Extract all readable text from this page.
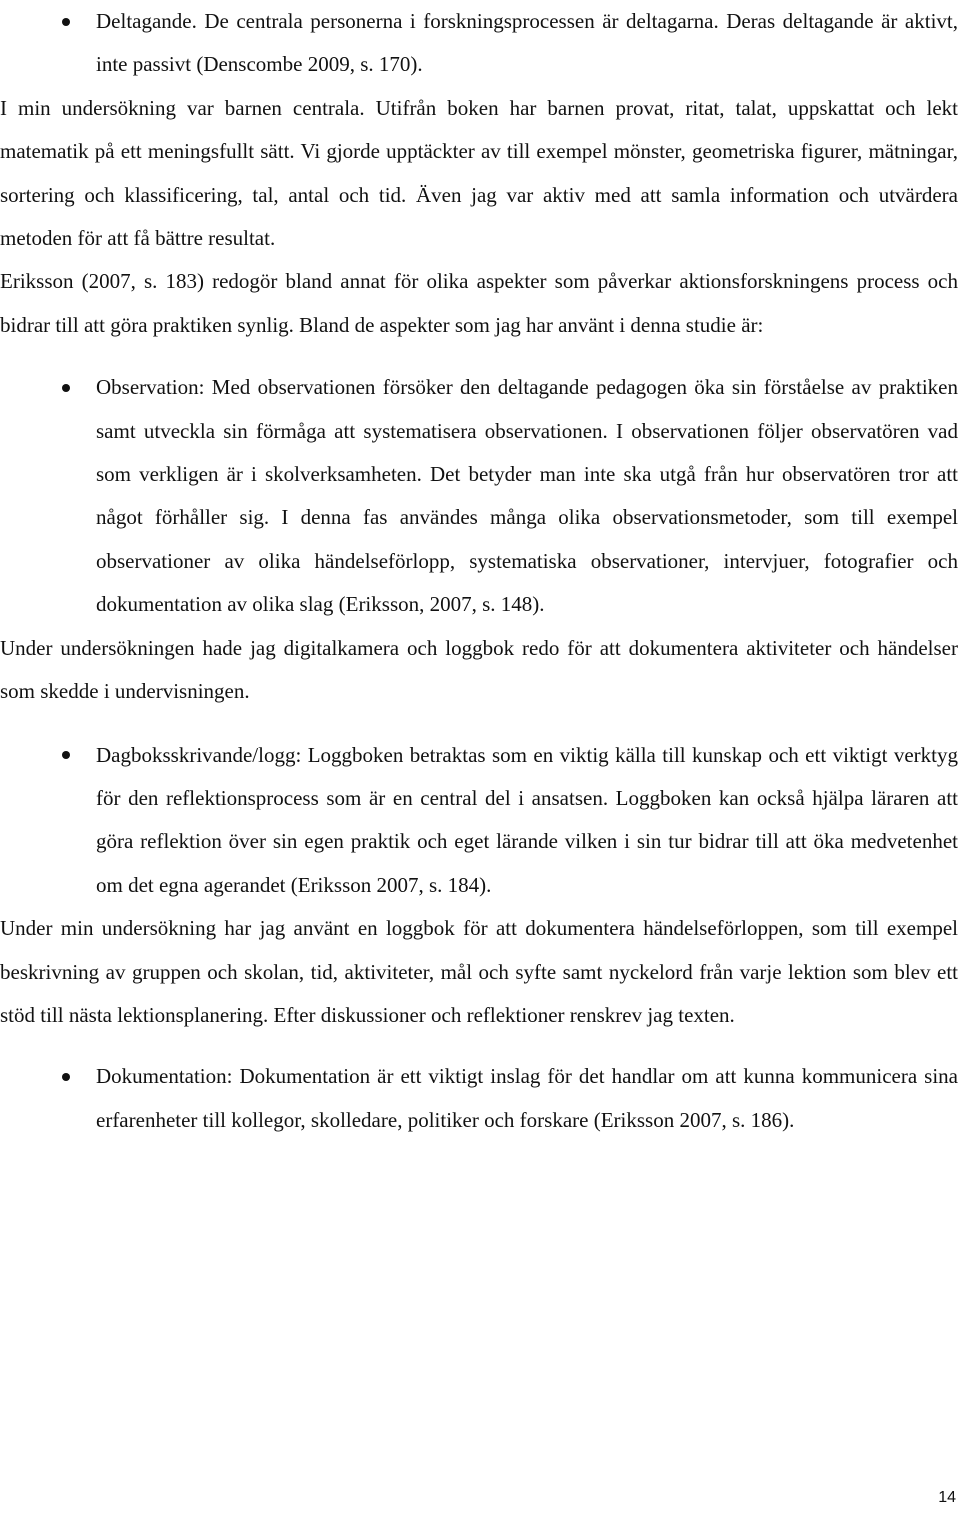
Deltagande. De centrala personerna i forskningsprocessen är deltagarna. Deras deltagande är aktivt, inte passivt (Denscombe 2009, s. 170).

I min undersökning var barnen centrala. Utifrån boken har barnen provat, ritat, talat, uppskattat och lekt matematik på ett meningsfullt sätt. Vi gjorde upptäckter av till exempel mönster, geometriska figurer, mätningar, sortering och klassificering, tal, antal och tid. Även jag var aktiv med att samla information och utvärdera metoden för att få bättre resultat.

Eriksson (2007, s. 183) redogör bland annat för olika aspekter som påverkar aktionsforskningens process och bidrar till att göra praktiken synlig. Bland de aspekter som jag har använt i denna studie är:

Observation: Med observationen försöker den deltagande pedagogen öka sin förståelse av praktiken samt utveckla sin förmåga att systematisera observationen. I observationen följer observatören vad som verkligen är i skolverksamheten. Det betyder man inte ska utgå från hur observatören tror att något förhåller sig. I denna fas användes många olika observationsmetoder, som till exempel observationer av olika händelseförlopp, systematiska observationer, intervjuer, fotografier och dokumentation av olika slag (Eriksson, 2007, s. 148).

Under undersökningen hade jag digitalkamera och loggbok redo för att dokumentera aktiviteter och händelser som skedde i undervisningen.

Dagboksskrivande/logg: Loggboken betraktas som en viktig källa till kunskap och ett viktigt verktyg för den reflektionsprocess som är en central del i ansatsen. Loggboken kan också hjälpa läraren att göra reflektion över sin egen praktik och eget lärande vilken i sin tur bidrar till att öka medvetenhet om det egna agerandet (Eriksson 2007, s. 184).

Under min undersökning har jag använt en loggbok för att dokumentera händelseförloppen, som till exempel beskrivning av gruppen och skolan, tid, aktiviteter, mål och syfte samt nyckelord från varje lektion som blev ett stöd till nästa lektionsplanering. Efter diskussioner och reflektioner renskrev jag texten.

Dokumentation: Dokumentation är ett viktigt inslag för det handlar om att kunna kommunicera sina erfarenheter till kollegor, skolledare, politiker och forskare (Eriksson 2007, s. 186).
14
